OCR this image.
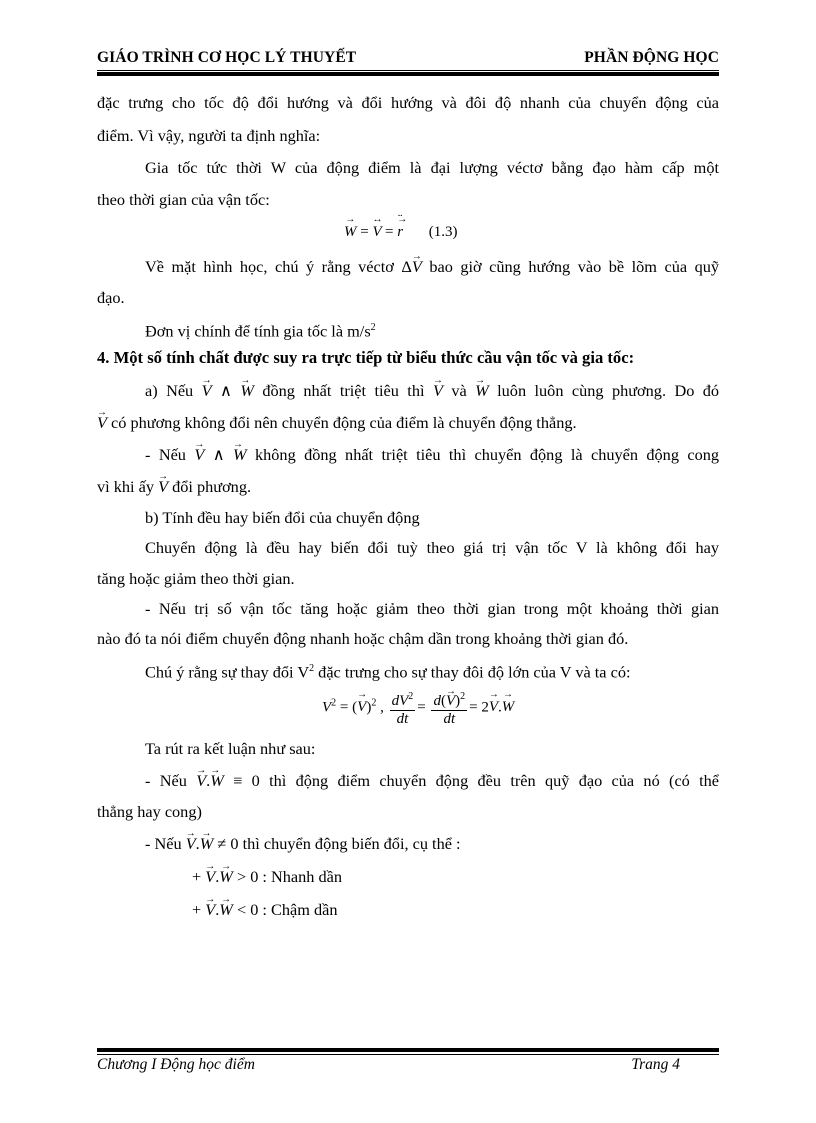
GIÁO TRÌNH CƠ HỌC LÝ THUYẾT	PHẦN ĐỘNG HỌC
đặc trưng cho tốc độ đổi hướng và đổi hướng và đôi độ nhanh của chuyển động của
điểm. Vì vậy, người ta định nghĩa:
Gia tốc tức thời W của động điểm là đại lượng véctơ bằng đạo hàm cấp một
theo thời gian của vận tốc:
→ W = → V·= → r ¨ (1.3)
Về mặt hình học, chú ý rằng véctơ Δ→ V bao giờ cũng hướng vào bề lõm của quỹ
đạo.
Đơn vị chính để tính gia tốc là $m/s^2$
4. Một số tính chất được suy ra trực tiếp từ biểu thức cầu vận tốc và gia tốc:
a) Nếu → V ∧ → W đồng nhất triệt tiêu thì → V và → W luôn luôn cùng phương. Do đó
→ V có phương không đổi nên chuyển động của điểm là chuyển động thẳng.
- Nếu → V ∧ → W không đồng nhất triệt tiêu thì chuyển động là chuyển động cong
vì khi ấy → V đổi phương.
b) Tính đều hay biến đổi của chuyển động
Chuyển động là đều hay biến đổi tuỳ theo giá trị vận tốc V là không đổi hay
tăng hoặc giảm theo thời gian.
- Nếu trị số vận tốc tăng hoặc giảm theo thời gian trong một khoảng thời gian
nào đó ta nói điểm chuyển động nhanh hoặc chậm dần trong khoảng thời gian đó.
Chú ý rằng sự thay đổi $V^2$ đặc trưng cho sự thay đôi độ lớn của V và ta có:
$V^2$ = (→ V)$^2$ , $\frac{dV^2}{dt} = \frac{d(\to V)^2}{dt} = 2\to V.\to W$
Ta rút ra kết luận như sau:
- Nếu → V.→ W ≡ 0 thì động điểm chuyển động đều trên quỹ đạo của nó (có thể
thẳng hay cong)
- Nếu → V.→ W ≠ 0 thì chuyển động biến đổi, cụ thể :
+ → V.→ W > 0 : Nhanh dần
+ → V.→ W < 0 : Chậm dần
Chương I Động học điểm	Trang 4
